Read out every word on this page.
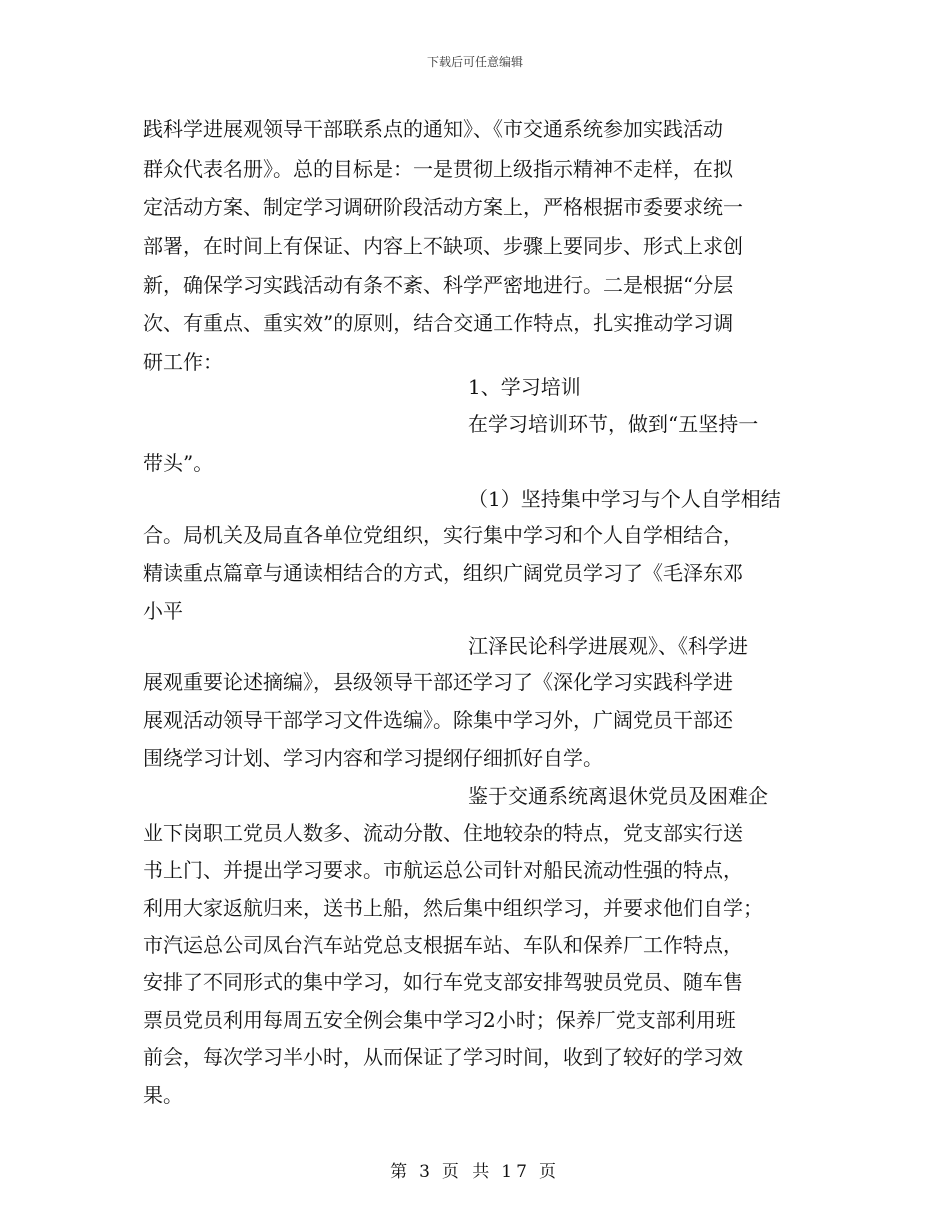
下载后可任意编辑
践科学进展观领导干部联系点的通知》、《市交通系统参加实践活动
群众代表名册》。总的目标是：一是贯彻上级指示精神不走样，在拟
定活动方案、制定学习调研阶段活动方案上，严格根据市委要求统一
部署，在时间上有保证、内容上不缺项、步骤上要同步、形式上求创
新，确保学习实践活动有条不紊、科学严密地进行。二是根据“分层
次、有重点、重实效”的原则，结合交通工作特点，扎实推动学习调
研工作：
1、学习培训
在学习培训环节，做到“五坚持一
带头”。
（1）坚持集中学习与个人自学相结
合。局机关及局直各单位党组织，实行集中学习和个人自学相结合，
精读重点篇章与通读相结合的方式，组织广阔党员学习了《毛泽东邓
小平
江泽民论科学进展观》、《科学进
展观重要论述摘编》，县级领导干部还学习了《深化学习实践科学进
展观活动领导干部学习文件选编》。除集中学习外，广阔党员干部还
围绕学习计划、学习内容和学习提纲仔细抓好自学。
鉴于交通系统离退休党员及困难企
业下岗职工党员人数多、流动分散、住地较杂的特点，党支部实行送
书上门、并提出学习要求。市航运总公司针对船民流动性强的特点，
利用大家返航归来，送书上船，然后集中组织学习，并要求他们自学；
市汽运总公司凤台汽车站党总支根据车站、车队和保养厂工作特点，
安排了不同形式的集中学习，如行车党支部安排驾驶员党员、随车售
票员党员利用每周五安全例会集中学习2小时；保养厂党支部利用班
前会，每次学习半小时，从而保证了学习时间，收到了较好的学习效
果。
第 3 页 共 17 页
